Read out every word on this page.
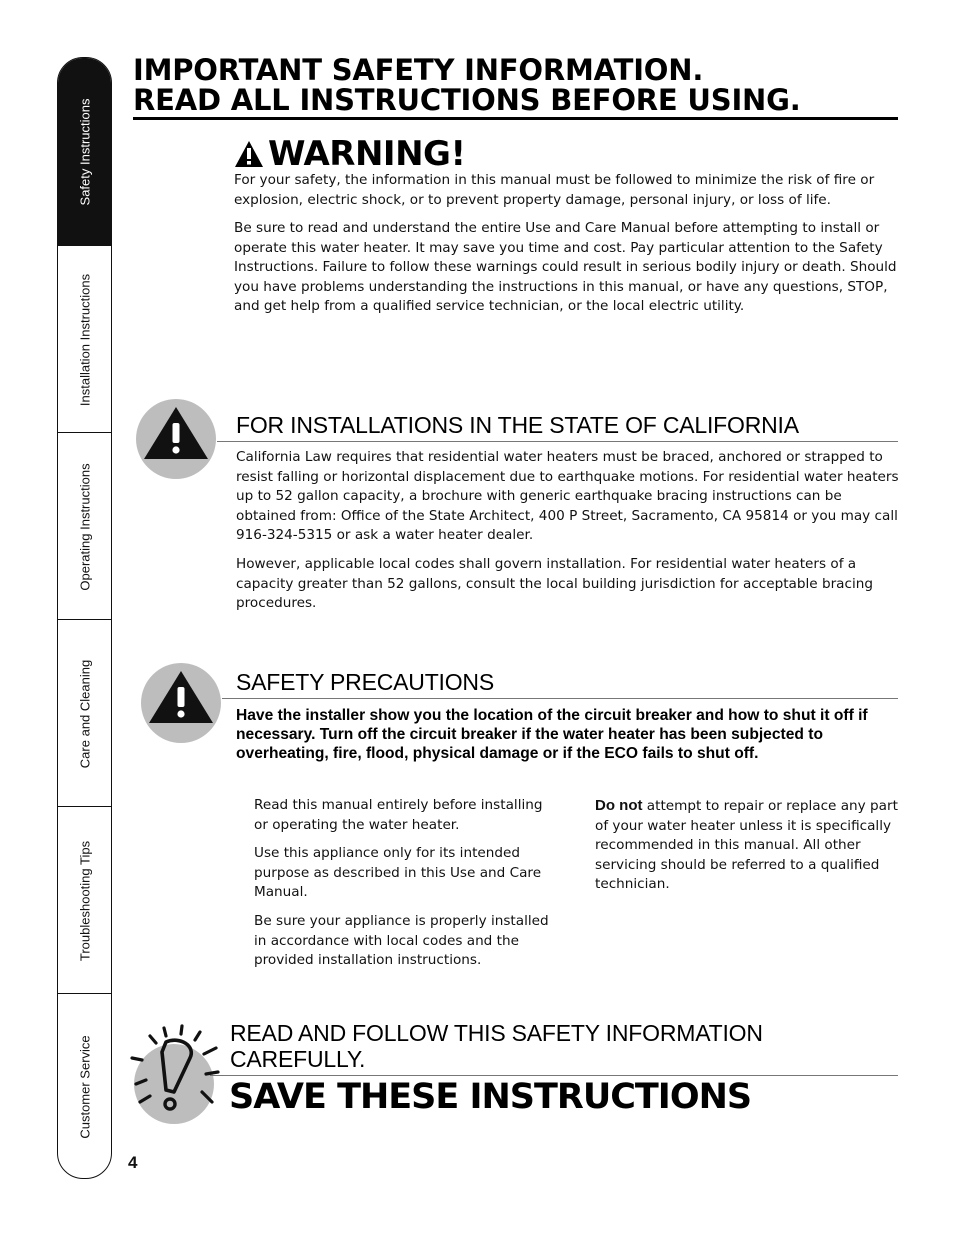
Safety Instructions
Installation Instructions
Operating Instructions
Care and Cleaning
Troubleshooting Tips
Customer Service
IMPORTANT SAFETY INFORMATION.
READ ALL INSTRUCTIONS BEFORE USING.
WARNING!

For your safety, the information in this manual must be followed to minimize the risk of fire or explosion, electric shock, or to prevent property damage, personal injury, or loss of life.

Be sure to read and understand the entire Use and Care Manual before attempting to install or operate this water heater. It may save you time and cost. Pay particular attention to the Safety Instructions. Failure to follow these warnings could result in serious bodily injury or death. Should you have problems understanding the instructions in this manual, or have any questions, STOP, and get help from a qualified service technician, or the local electric utility.

FOR INSTALLATIONS IN THE STATE OF CALIFORNIA

California Law requires that residential water heaters must be braced, anchored or strapped to resist falling or horizontal displacement due to earthquake motions. For residential water heaters up to 52 gallon capacity, a brochure with generic earthquake bracing instructions can be obtained from: Office of the State Architect, 400 P Street, Sacramento, CA 95814 or you may call 916-324-5315 or ask a water heater dealer.

However, applicable local codes shall govern installation. For residential water heaters of a capacity greater than 52 gallons, consult the local building jurisdiction for acceptable bracing procedures.

SAFETY PRECAUTIONS

Have the installer show you the location of the circuit breaker and how to shut it off if necessary. Turn off the circuit breaker if the water heater has been subjected to overheating, fire, flood, physical damage or if the ECO fails to shut off.

Read this manual entirely before installing or operating the water heater.

Use this appliance only for its intended purpose as described in this Use and Care Manual.

Be sure your appliance is properly installed in accordance with local codes and the provided installation instructions.

Do not attempt to repair or replace any part of your water heater unless it is specifically recommended in this manual. All other servicing should be referred to a qualified technician.

READ AND FOLLOW THIS SAFETY INFORMATION
CAREFULLY.

SAVE THESE INSTRUCTIONS
4
